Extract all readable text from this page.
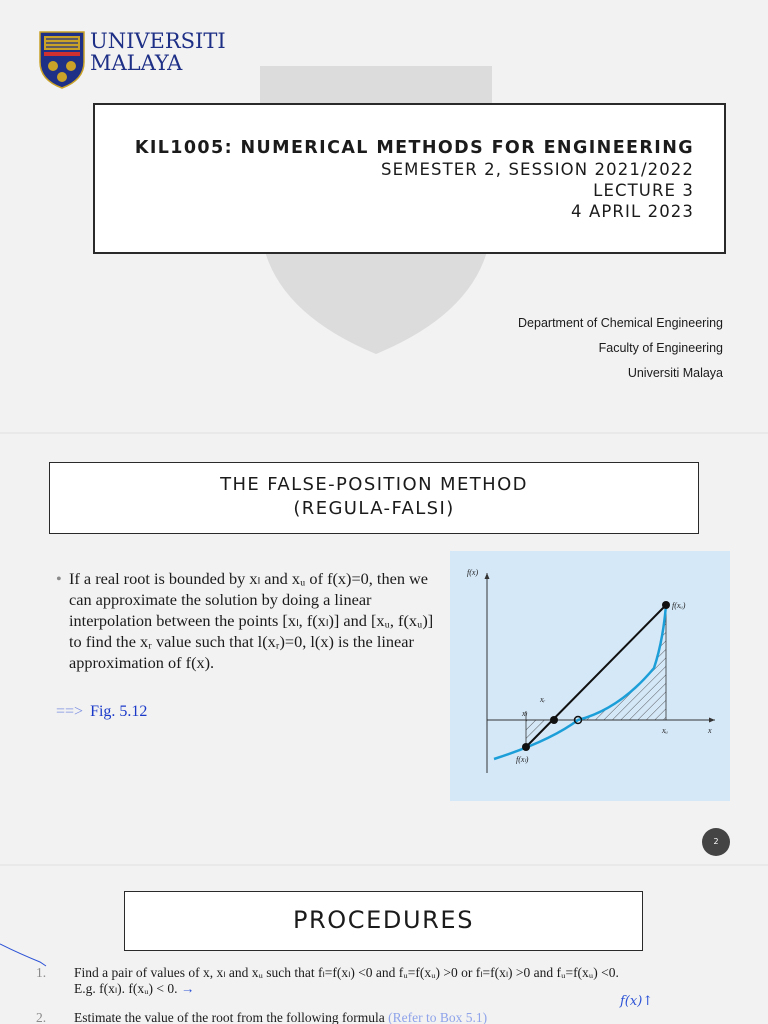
UNIVERSITI
MALAYA
KIL1005: NUMERICAL METHODS FOR ENGINEERING
SEMESTER 2, SESSION 2021/2022
LECTURE 3
4 APRIL 2023
Department of Chemical Engineering
Faculty of Engineering
Universiti Malaya
THE FALSE-POSITION METHOD
(REGULA-FALSI)
• If a real root is bounded by xₗ and xᵤ of f(x)=0, then we can approximate the solution by doing a linear interpolation between the points [xₗ, f(xₗ)] and [xᵤ, f(xᵤ)] to find the xᵣ value such that l(xᵣ)=0, l(x) is the linear approximation of f(x).
==> Fig. 5.12
f(x)
x
f(xᵤ)
f(xₗ)
xᵣ
xₗ
xᵤ
2
PROCEDURES
1. Find a pair of values of x, xₗ and xᵤ such that fₗ=f(xₗ) <0 and fᵤ=f(xᵤ) >0 or fₗ=f(xₗ) >0 and fᵤ=f(xᵤ) <0.
E.g. f(xₗ). f(xᵤ) < 0. →
2. Estimate the value of the root from the following formula (Refer to Box 5.1)
f(x)↑
